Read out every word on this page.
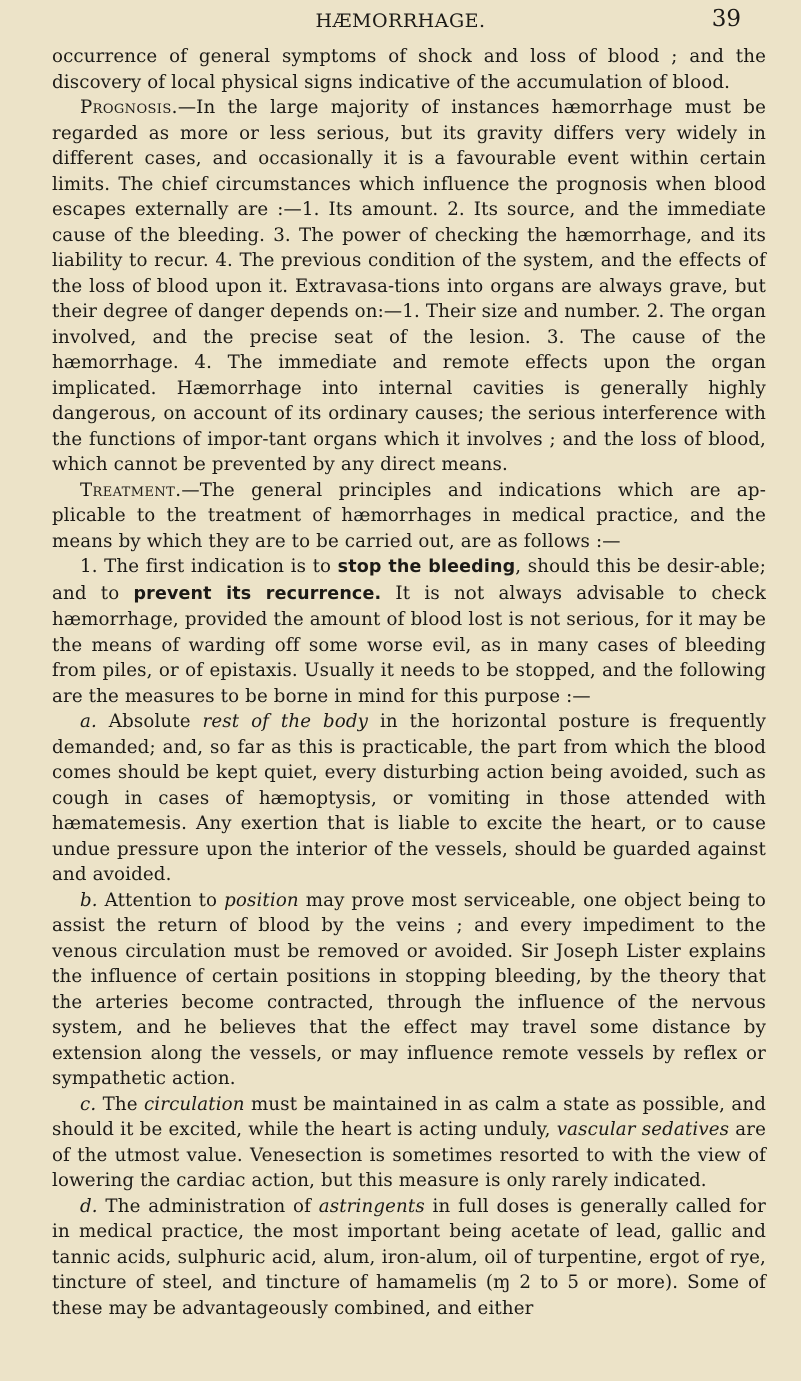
HÆMORRHAGE.	39

occurrence of general symptoms of shock and loss of blood ; and the discovery of local physical signs indicative of the accumulation of blood.

Prognosis.—In the large majority of instances hæmorrhage must be regarded as more or less serious, but its gravity differs very widely in different cases, and occasionally it is a favourable event within certain limits. The chief circumstances which influence the prognosis when blood escapes externally are :—1. Its amount. 2. Its source, and the immediate cause of the bleeding. 3. The power of checking the hæmorrhage, and its liability to recur. 4. The previous condition of the system, and the effects of the loss of blood upon it. Extravasa-tions into organs are always grave, but their degree of danger depends on:—1. Their size and number. 2. The organ involved, and the precise seat of the lesion. 3. The cause of the hæmorrhage. 4. The immediate and remote effects upon the organ implicated. Hæmorrhage into internal cavities is generally highly dangerous, on account of its ordinary causes; the serious interference with the functions of impor-tant organs which it involves ; and the loss of blood, which cannot be prevented by any direct means.

Treatment.—The general principles and indications which are ap-plicable to the treatment of hæmorrhages in medical practice, and the means by which they are to be carried out, are as follows :—

1. The first indication is to stop the bleeding, should this be desir-able; and to prevent its recurrence. It is not always advisable to check hæmorrhage, provided the amount of blood lost is not serious, for it may be the means of warding off some worse evil, as in many cases of bleeding from piles, or of epistaxis. Usually it needs to be stopped, and the following are the measures to be borne in mind for this purpose :—

a. Absolute rest of the body in the horizontal posture is frequently demanded; and, so far as this is practicable, the part from which the blood comes should be kept quiet, every disturbing action being avoided, such as cough in cases of hæmoptysis, or vomiting in those attended with hæmatemesis. Any exertion that is liable to excite the heart, or to cause undue pressure upon the interior of the vessels, should be guarded against and avoided.

b. Attention to position may prove most serviceable, one object being to assist the return of blood by the veins ; and every impediment to the venous circulation must be removed or avoided. Sir Joseph Lister explains the influence of certain positions in stopping bleeding, by the theory that the arteries become contracted, through the influence of the nervous system, and he believes that the effect may travel some distance by extension along the vessels, or may influence remote vessels by reflex or sympathetic action.

c. The circulation must be maintained in as calm a state as possible, and should it be excited, while the heart is acting unduly, vascular sedatives are of the utmost value. Venesection is sometimes resorted to with the view of lowering the cardiac action, but this measure is only rarely indicated.

d. The administration of astringents in full doses is generally called for in medical practice, the most important being acetate of lead, gallic and tannic acids, sulphuric acid, alum, iron-alum, oil of turpentine, ergot of rye, tincture of steel, and tincture of hamamelis (ɱ 2 to 5 or more). Some of these may be advantageously combined, and either
